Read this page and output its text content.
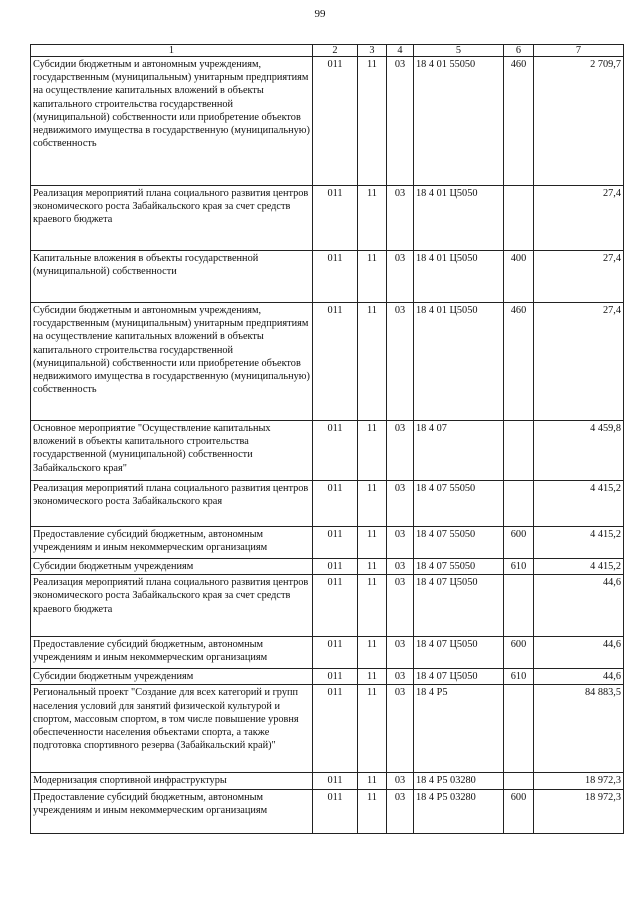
99
1	2	3	4	5	6	7
Субсидии бюджетным и автономным учреждениям, государственным (муниципальным) унитарным предприятиям на осуществление капитальных вложений в объекты капитального строительства государственной (муниципальной) собственности или приобретение объектов недвижимого имущества в государственную (муниципальную) собственность	011	11	03	18 4 01 55050	460	2 709,7
Реализация мероприятий плана социального развития центров экономического роста Забайкальского края за счет средств краевого бюджета	011	11	03	18 4 01 Ц5050		27,4
Капитальные вложения в объекты государственной (муниципальной) собственности	011	11	03	18 4 01 Ц5050	400	27,4
Субсидии бюджетным и автономным учреждениям, государственным (муниципальным) унитарным предприятиям на осуществление капитальных вложений в объекты капитального строительства государственной (муниципальной) собственности или приобретение объектов недвижимого имущества в государственную (муниципальную) собственность	011	11	03	18 4 01 Ц5050	460	27,4
Основное мероприятие "Осуществление капитальных вложений в объекты капитального строительства государственной (муниципальной) собственности Забайкальского края"	011	11	03	18 4 07		4 459,8
Реализация мероприятий плана социального развития центров экономического роста Забайкальского края	011	11	03	18 4 07 55050		4 415,2
Предоставление субсидий бюджетным, автономным учреждениям и иным некоммерческим организациям	011	11	03	18 4 07 55050	600	4 415,2
Субсидии бюджетным учреждениям	011	11	03	18 4 07 55050	610	4 415,2
Реализация мероприятий плана социального развития центров экономического роста Забайкальского края за счет средств краевого бюджета	011	11	03	18 4 07 Ц5050		44,6
Предоставление субсидий бюджетным, автономным учреждениям и иным некоммерческим организациям	011	11	03	18 4 07 Ц5050	600	44,6
Субсидии бюджетным учреждениям	011	11	03	18 4 07 Ц5050	610	44,6
Региональный проект "Создание для всех категорий и групп населения условий для занятий физической культурой и спортом, массовым спортом, в том числе повышение уровня обеспеченности населения объектами спорта, а также подготовка спортивного резерва (Забайкальский край)"	011	11	03	18 4 P5		84 883,5
Модернизация спортивной инфраструктуры	011	11	03	18 4 P5 03280		18 972,3
Предоставление субсидий бюджетным, автономным учреждениям и иным некоммерческим организациям	011	11	03	18 4 P5 03280	600	18 972,3
